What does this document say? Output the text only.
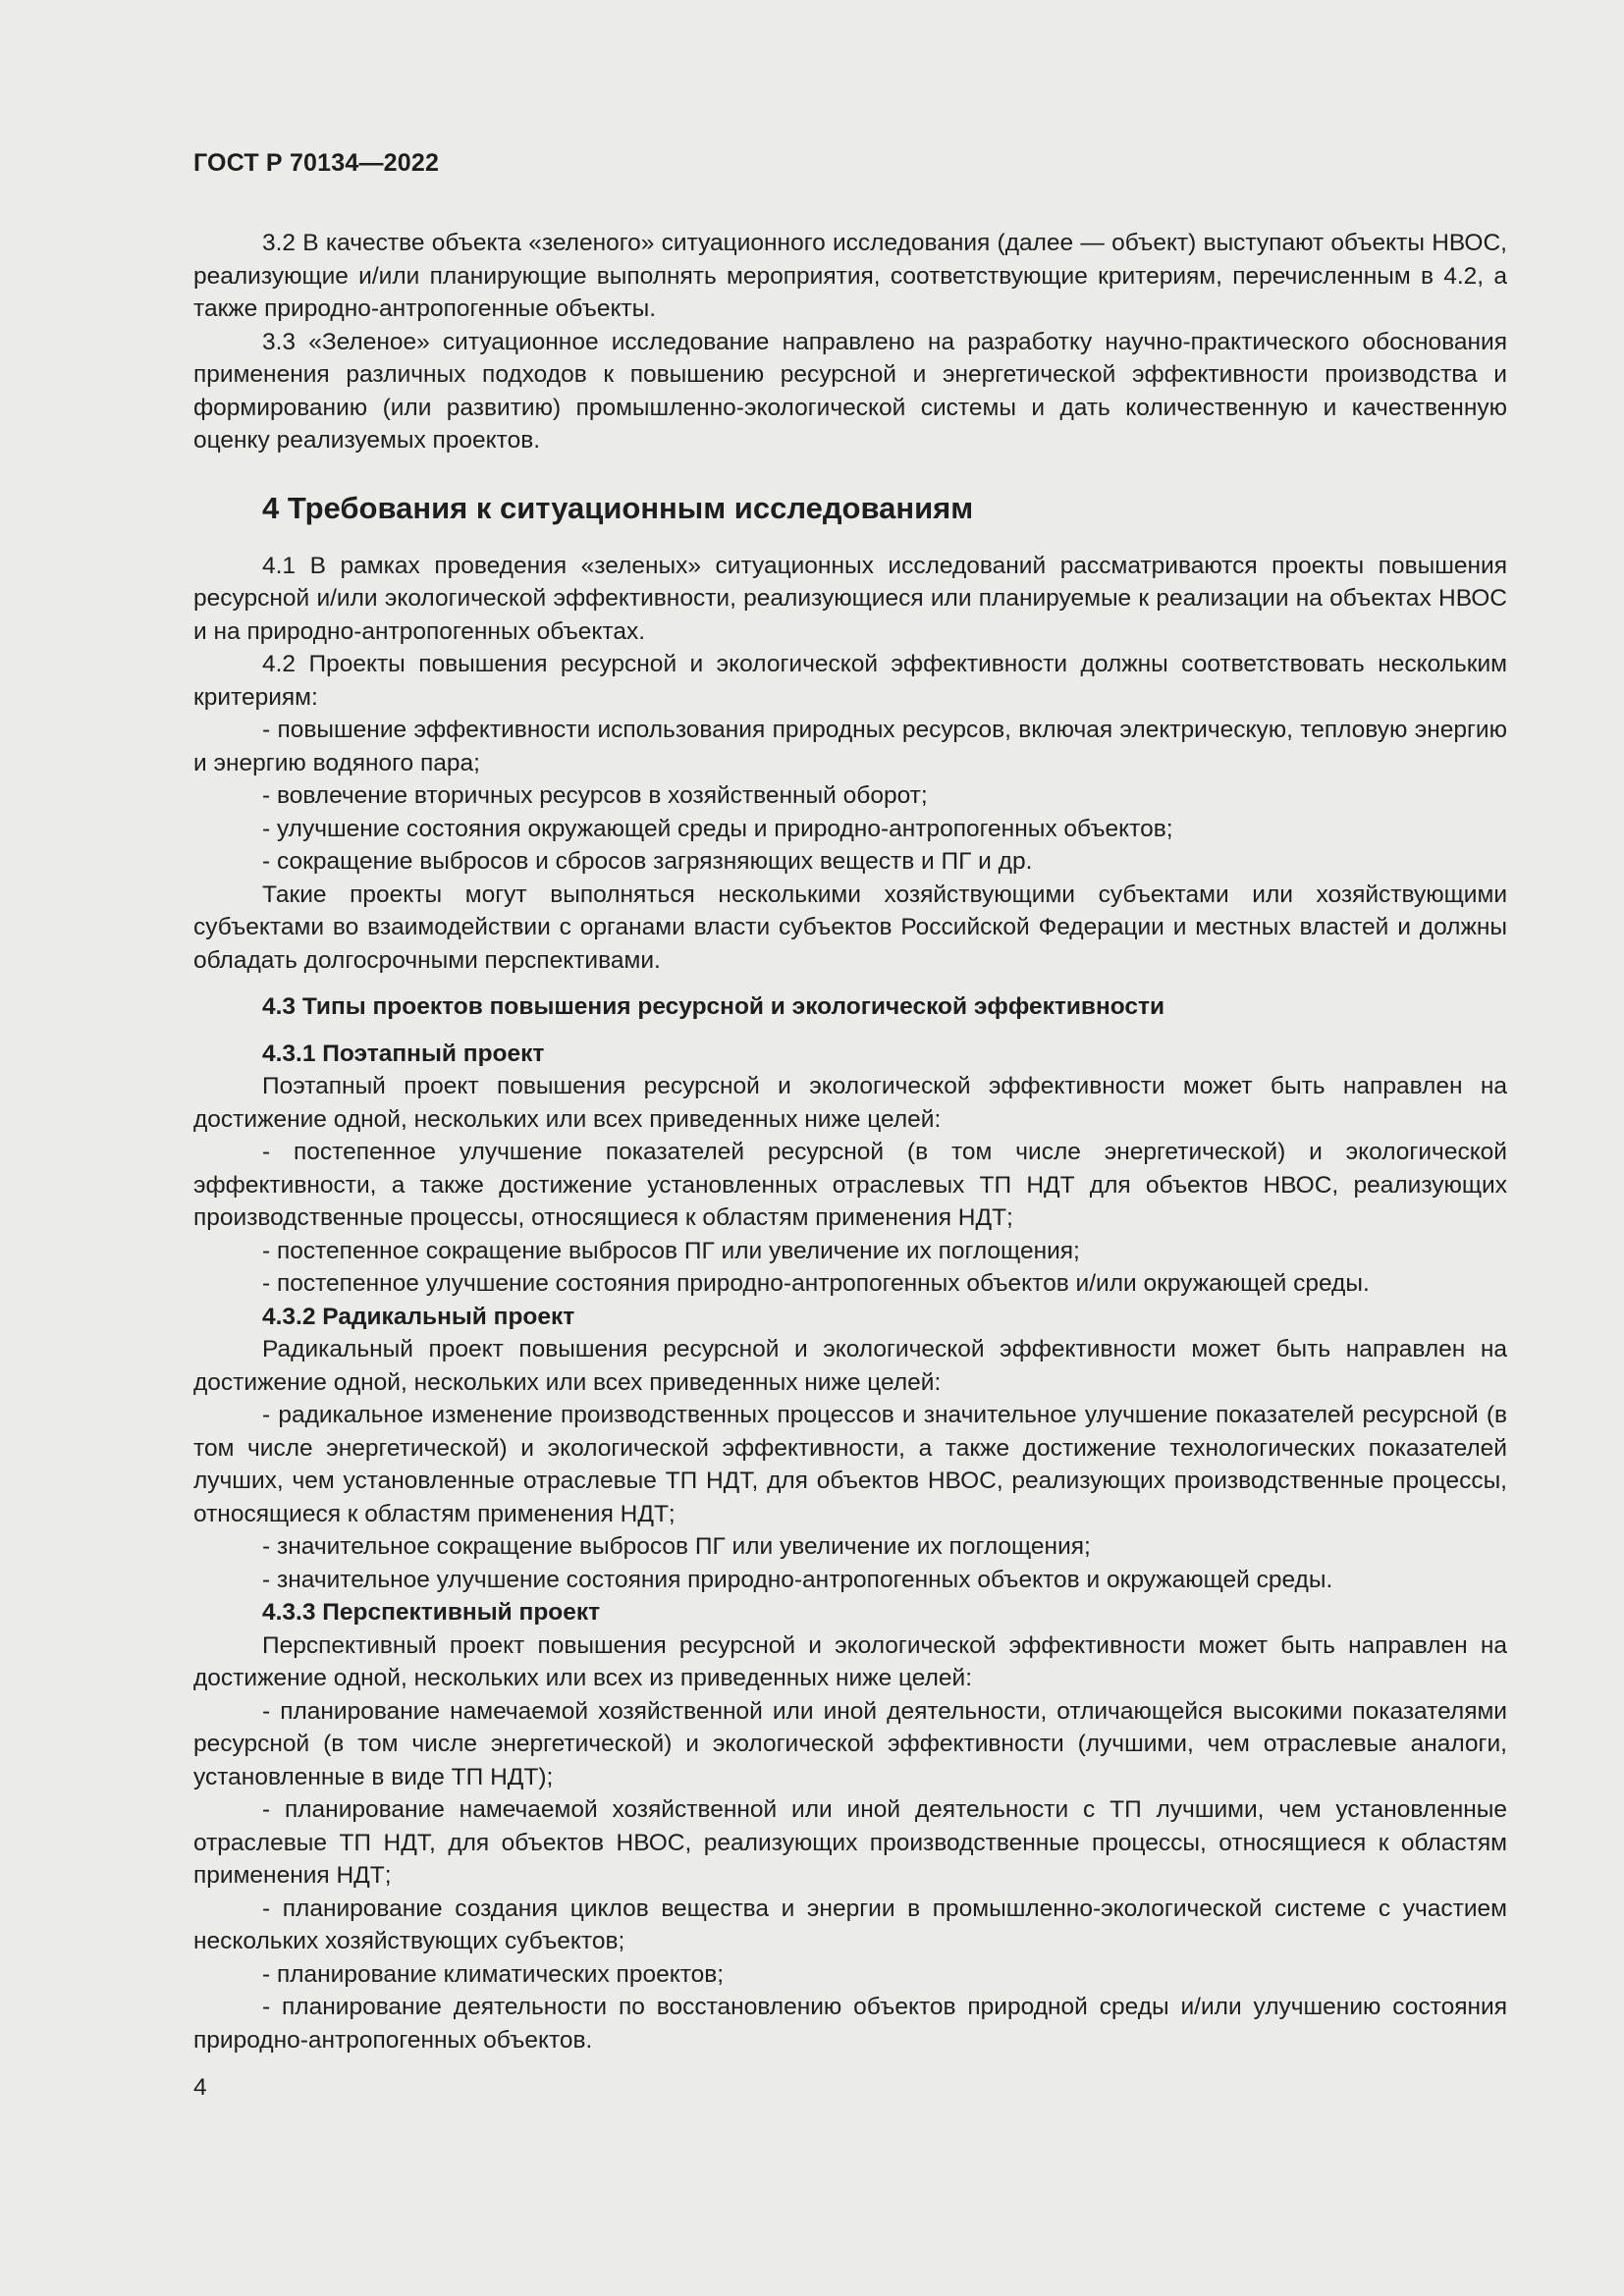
ГОСТ Р 70134—2022

3.2 В качестве объекта «зеленого» ситуационного исследования (далее — объект) выступают объекты НВОС, реализующие и/или планирующие выполнять мероприятия, соответствующие критериям, перечисленным в 4.2, а также природно-антропогенные объекты.

3.3 «Зеленое» ситуационное исследование направлено на разработку научно-практического обоснования применения различных подходов к повышению ресурсной и энергетической эффективности производства и формированию (или развитию) промышленно-экологической системы и дать количественную и качественную оценку реализуемых проектов.

4 Требования к ситуационным исследованиям

4.1 В рамках проведения «зеленых» ситуационных исследований рассматриваются проекты повышения ресурсной и/или экологической эффективности, реализующиеся или планируемые к реализации на объектах НВОС и на природно-антропогенных объектах.

4.2 Проекты повышения ресурсной и экологической эффективности должны соответствовать нескольким критериям:

- повышение эффективности использования природных ресурсов, включая электрическую, тепловую энергию и энергию водяного пара;

- вовлечение вторичных ресурсов в хозяйственный оборот;

- улучшение состояния окружающей среды и природно-антропогенных объектов;

- сокращение выбросов и сбросов загрязняющих веществ и ПГ и др.

Такие проекты могут выполняться несколькими хозяйствующими субъектами или хозяйствующими субъектами во взаимодействии с органами власти субъектов Российской Федерации и местных властей и должны обладать долгосрочными перспективами.

4.3 Типы проектов повышения ресурсной и экологической эффективности
4.3.1 Поэтапный проект

Поэтапный проект повышения ресурсной и экологической эффективности может быть направлен на достижение одной, нескольких или всех приведенных ниже целей:

- постепенное улучшение показателей ресурсной (в том числе энергетической) и экологической эффективности, а также достижение установленных отраслевых ТП НДТ для объектов НВОС, реализующих производственные процессы, относящиеся к областям применения НДТ;

- постепенное сокращение выбросов ПГ или увеличение их поглощения;

- постепенное улучшение состояния природно-антропогенных объектов и/или окружающей среды.

4.3.2 Радикальный проект

Радикальный проект повышения ресурсной и экологической эффективности может быть направлен на достижение одной, нескольких или всех приведенных ниже целей:

- радикальное изменение производственных процессов и значительное улучшение показателей ресурсной (в том числе энергетической) и экологической эффективности, а также достижение технологических показателей лучших, чем установленные отраслевые ТП НДТ, для объектов НВОС, реализующих производственные процессы, относящиеся к областям применения НДТ;

- значительное сокращение выбросов ПГ или увеличение их поглощения;

- значительное улучшение состояния природно-антропогенных объектов и окружающей среды.

4.3.3 Перспективный проект

Перспективный проект повышения ресурсной и экологической эффективности может быть направлен на достижение одной, нескольких или всех из приведенных ниже целей:

- планирование намечаемой хозяйственной или иной деятельности, отличающейся высокими показателями ресурсной (в том числе энергетической) и экологической эффективности (лучшими, чем отраслевые аналоги, установленные в виде ТП НДТ);

- планирование намечаемой хозяйственной или иной деятельности с ТП лучшими, чем установленные отраслевые ТП НДТ, для объектов НВОС, реализующих производственные процессы, относящиеся к областям применения НДТ;

- планирование создания циклов вещества и энергии в промышленно-экологической системе с участием нескольких хозяйствующих субъектов;

- планирование климатических проектов;

- планирование деятельности по восстановлению объектов природной среды и/или улучшению состояния природно-антропогенных объектов.

4
